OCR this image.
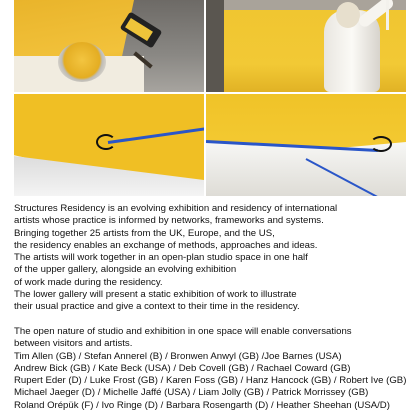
Structures Residency is an evolving exhibition and residency of international
artists whose practice is informed by networks, frameworks and systems.
Bringing together 25 artists from the UK, Europe, and the US,
the residency enables an exchange of methods, approaches and ideas.
The artists will work together in an open-plan studio space in one half
of the upper gallery, alongside an evolving exhibition
of work made during the residency.
The lower gallery will present a static exhibition of work to illustrate
their usual practice and give a context to their time in the residency.
The open nature of studio and exhibition in one space will enable conversations
between visitors and artists.
Tim Allen (GB) / Stefan Annerel (B) / Bronwen Anwyl (GB) /Joe Barnes (USA)
Andrew Bick (GB) / Kate Beck (USA) / Deb Covell (GB) / Rachael Coward (GB)
Rupert Eder (D) / Luke Frost (GB) / Karen Foss (GB) / Hanz Hancock (GB) / Robert Ive (GB)
Michael Jaeger (D) / Michelle Jaffé (USA) / Liam Jolly (GB) / Patrick Morrissey (GB)
Roland Orépük (F) / Ivo Ringe (D) / Barbara Rosengarth (D) / Heather Sheehan (USA/D)
